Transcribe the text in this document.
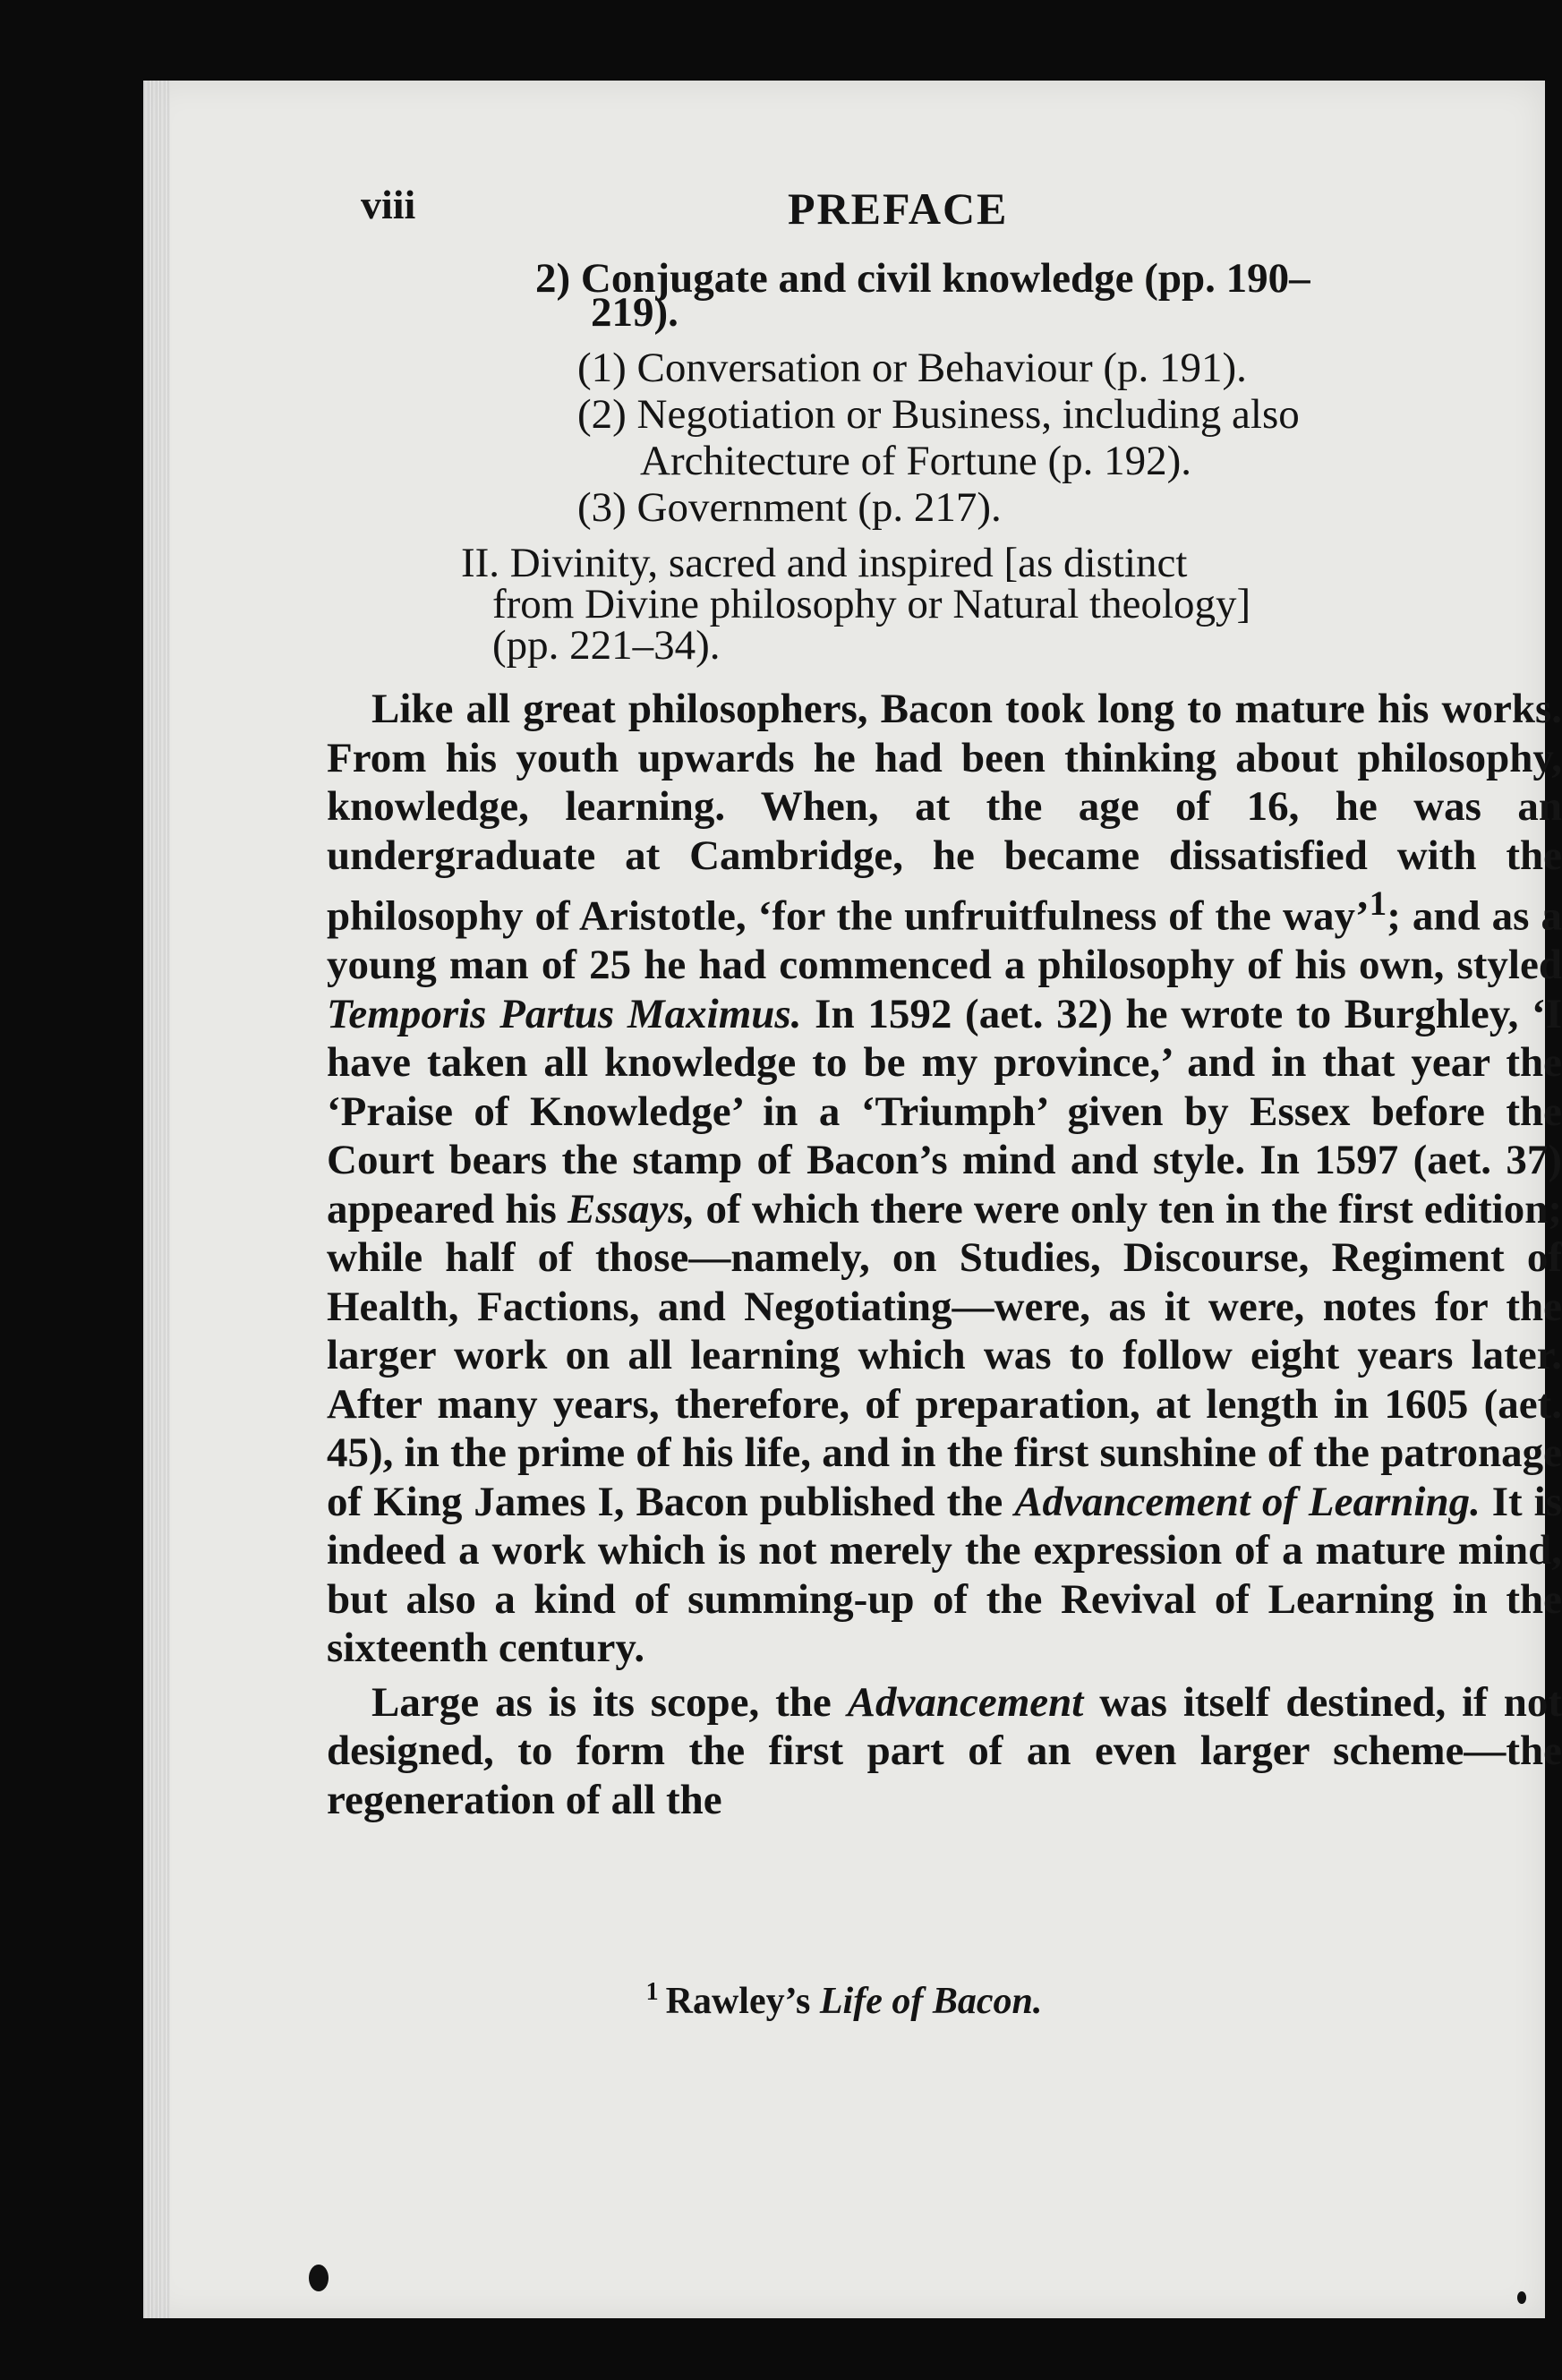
viii	PREFACE
2) Conjugate and civil knowledge (pp. 190–
219).
(1) Conversation or Behaviour (p. 191).
(2) Negotiation or Business, including also
Architecture of Fortune (p. 192).
(3) Government (p. 217).
II. Divinity, sacred and inspired [as distinct
from Divine philosophy or Natural theology]
(pp. 221–34).

Like all great philosophers, Bacon took long to mature his works. From his youth upwards he had been thinking about philosophy, knowledge, learning. When, at the age of 16, he was an undergraduate at Cambridge, he became dissatisfied with the philosophy of Aristotle, ‘for the unfruitfulness of the way’$^1$; and as a young man of 25 he had commenced a philosophy of his own, styled Temporis Partus Maximus. In 1592 (aet. 32) he wrote to Burghley, ‘I have taken all knowledge to be my province,’ and in that year the ‘Praise of Knowledge’ in a ‘Triumph’ given by Essex before the Court bears the stamp of Bacon’s mind and style. In 1597 (aet. 37) appeared his Essays, of which there were only ten in the first edition; while half of those—namely, on Studies, Discourse, Regiment of Health, Factions, and Negotiating—were, as it were, notes for the larger work on all learning which was to follow eight years later. After many years, therefore, of preparation, at length in 1605 (aet. 45), in the prime of his life, and in the first sunshine of the patronage of King James I, Bacon published the Advancement of Learning. It is indeed a work which is not merely the expression of a mature mind, but also a kind of summing-up of the Revival of Learning in the sixteenth century.

Large as is its scope, the Advancement was itself destined, if not designed, to form the first part of an even larger scheme—the regeneration of all the

$^1$ Rawley’s Life of Bacon.
